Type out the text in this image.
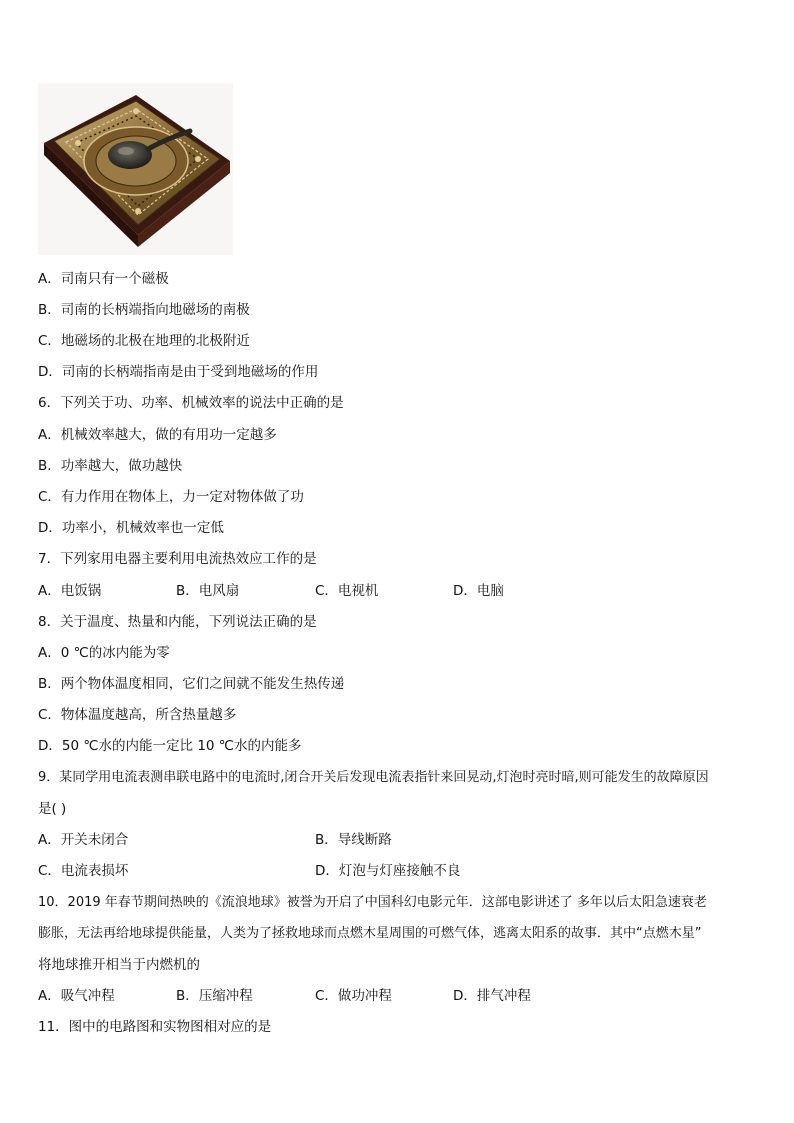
A．司南只有一个磁极
B．司南的长柄端指向地磁场的南极
C．地磁场的北极在地理的北极附近
D．司南的长柄端指南是由于受到地磁场的作用
6．下列关于功、功率、机械效率的说法中正确的是
A．机械效率越大，做的有用功一定越多
B．功率越大，做功越快
C．有力作用在物体上，力一定对物体做了功
D．功率小，机械效率也一定低
7．下列家用电器主要利用电流热效应工作的是
A．电饭锅	B．电风扇	C．电视机	D．电脑
8．关于温度、热量和内能，下列说法正确的是
A．0 ℃的冰内能为零
B．两个物体温度相同，它们之间就不能发生热传递
C．物体温度越高，所含热量越多
D．50 ℃水的内能一定比 10 ℃水的内能多
9．某同学用电流表测串联电路中的电流时,闭合开关后发现电流表指针来回晃动,灯泡时亮时暗,则可能发生的故障原因
是( )
A．开关未闭合	B．导线断路
C．电流表损坏	D．灯泡与灯座接触不良
10．2019 年春节期间热映的《流浪地球》被誉为开启了中国科幻电影元年．这部电影讲述了 多年以后太阳急速衰老
膨胀，无法再给地球提供能量，人类为了拯救地球而点燃木星周围的可燃气体，逃离太阳系的故事．其中“点燃木星”
将地球推开相当于内燃机的
A．吸气冲程	B．压缩冲程	C．做功冲程	D．排气冲程
11．图中的电路图和实物图相对应的是
